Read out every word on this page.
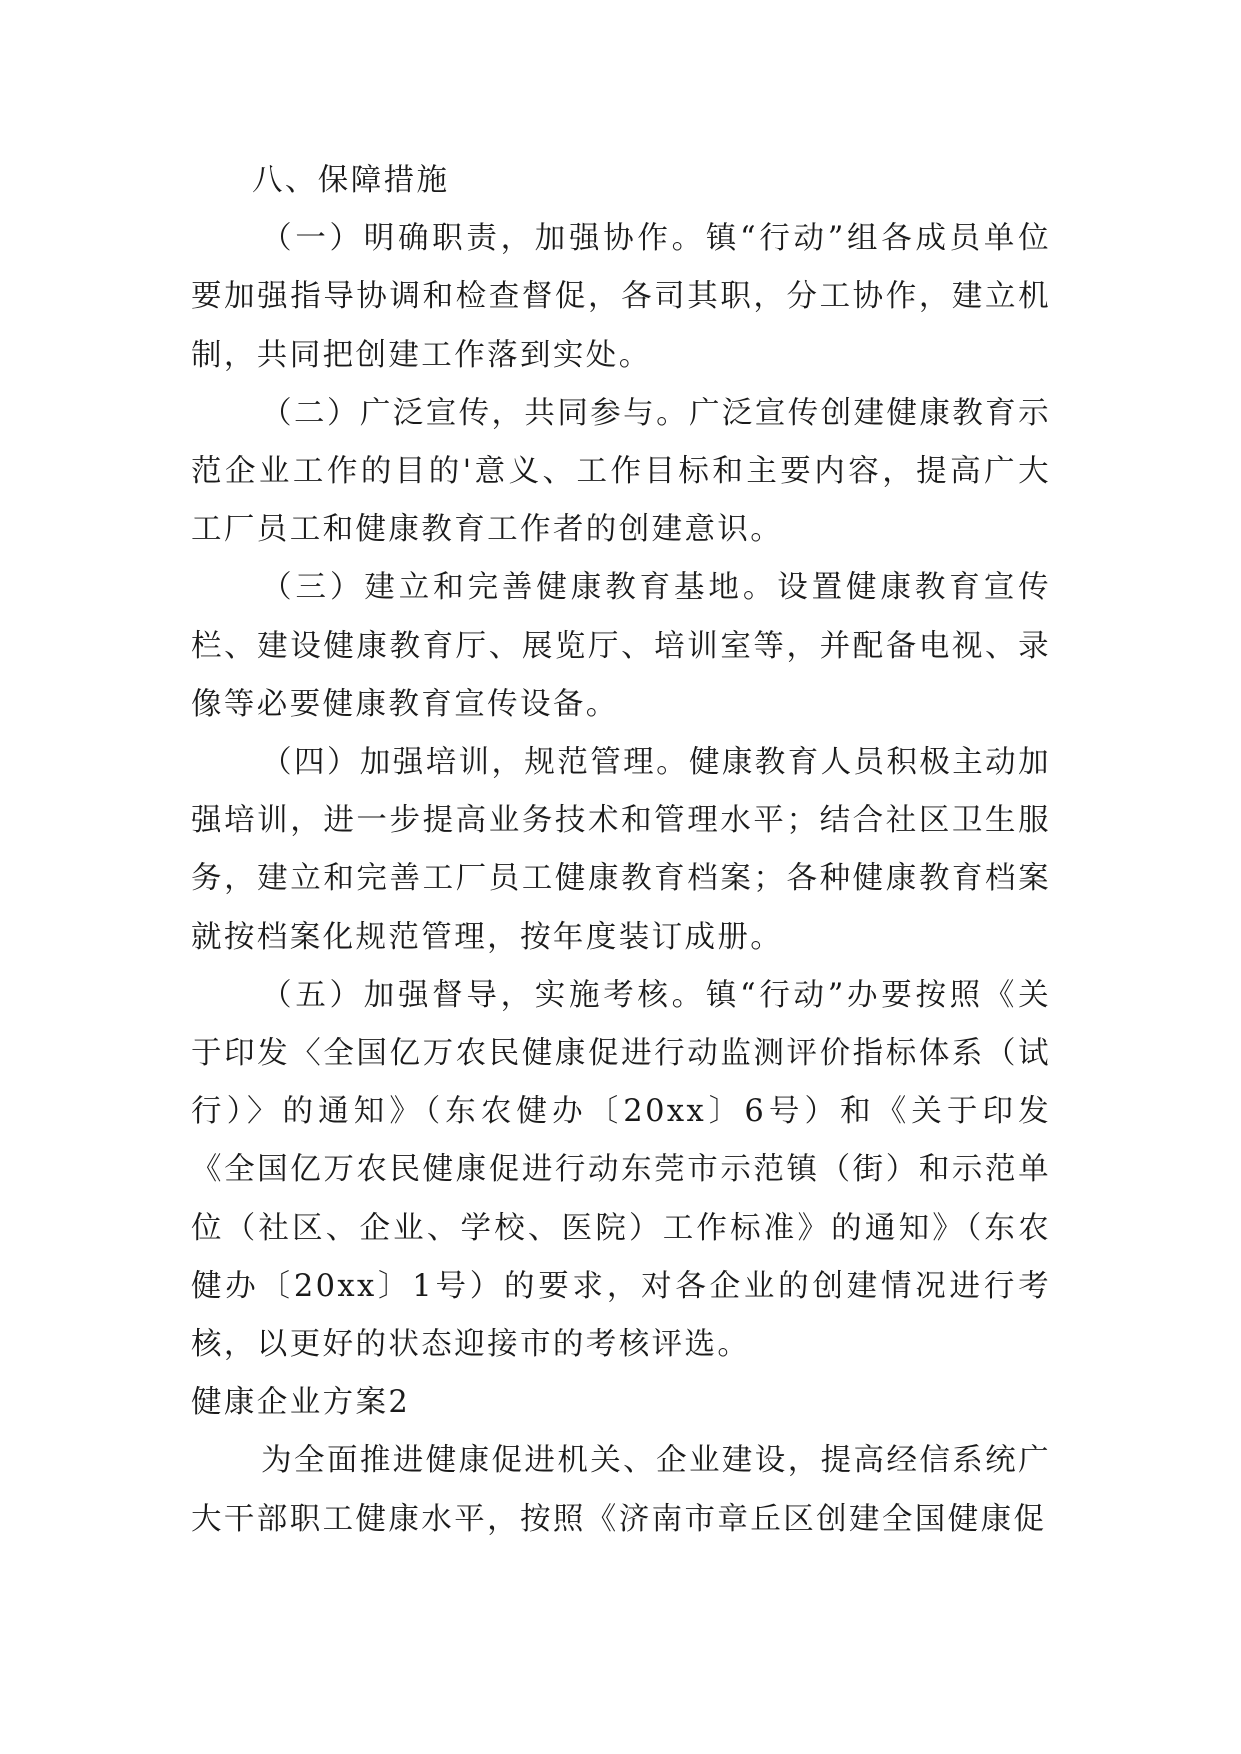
八、保障措施

（一）明确职责，加强协作。镇“行动”组各成员单位要加强指导协调和检查督促，各司其职，分工协作，建立机制，共同把创建工作落到实处。

（二）广泛宣传，共同参与。广泛宣传创建健康教育示范企业工作的目的'意义、工作目标和主要内容，提高广大工厂员工和健康教育工作者的创建意识。

（三）建立和完善健康教育基地。设置健康教育宣传栏、建设健康教育厅、展览厅、培训室等，并配备电视、录像等必要健康教育宣传设备。

（四）加强培训，规范管理。健康教育人员积极主动加强培训，进一步提高业务技术和管理水平；结合社区卫生服务，建立和完善工厂员工健康教育档案；各种健康教育档案就按档案化规范管理，按年度装订成册。

（五）加强督导，实施考核。镇“行动”办要按照《关于印发〈全国亿万农民健康促进行动监测评价指标体系（试行）〉的通知》（东农健办〔20xx〕6号）和《关于印发《全国亿万农民健康促进行动东莞市示范镇（街）和示范单位（社区、企业、学校、医院）工作标准》的通知》（东农健办〔20xx〕1号）的要求，对各企业的创建情况进行考核，以更好的状态迎接市的考核评选。

健康企业方案2

为全面推进健康促进机关、企业建设，提高经信系统广大干部职工健康水平，按照《济南市章丘区创建全国健康促
